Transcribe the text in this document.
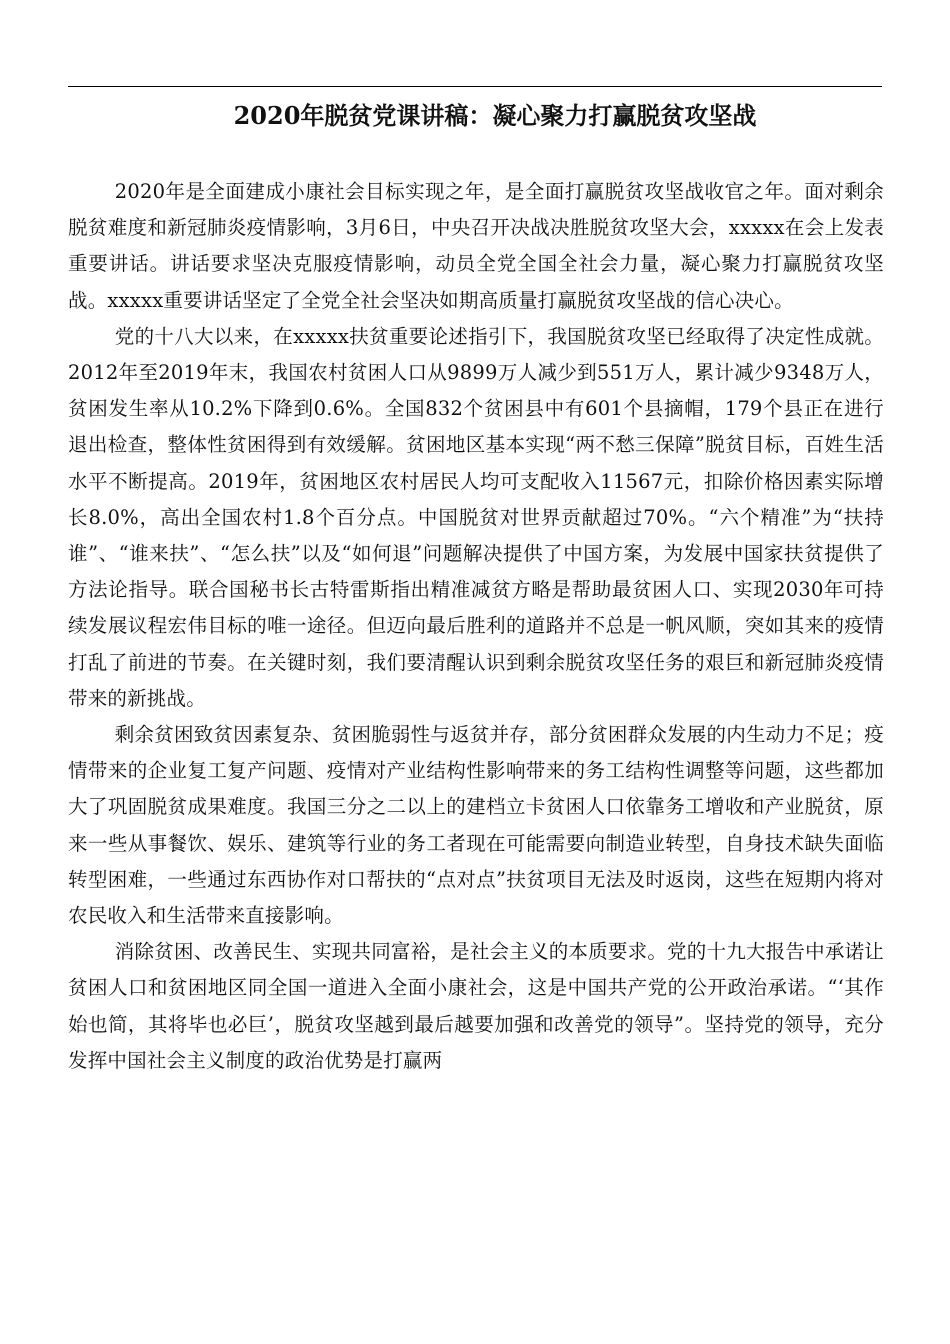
2020年脱贫党课讲稿：凝心聚力打赢脱贫攻坚战

2020年是全面建成小康社会目标实现之年，是全面打赢脱贫攻坚战收官之年。面对剩余脱贫难度和新冠肺炎疫情影响，3月6日，中央召开决战决胜脱贫攻坚大会，xxxxx在会上发表重要讲话。讲话要求坚决克服疫情影响，动员全党全国全社会力量，凝心聚力打赢脱贫攻坚战。xxxxx重要讲话坚定了全党全社会坚决如期高质量打赢脱贫攻坚战的信心决心。

党的十八大以来，在xxxxx扶贫重要论述指引下，我国脱贫攻坚已经取得了决定性成就。2012年至2019年末，我国农村贫困人口从9899万人减少到551万人，累计减少9348万人，贫困发生率从10.2%下降到0.6%。全国832个贫困县中有601个县摘帽，179个县正在进行退出检查，整体性贫困得到有效缓解。贫困地区基本实现“两不愁三保障”脱贫目标，百姓生活水平不断提高。2019年，贫困地区农村居民人均可支配收入11567元，扣除价格因素实际增长8.0%，高出全国农村1.8个百分点。中国脱贫对世界贡献超过70%。“六个精准”为“扶持谁”、“谁来扶”、“怎么扶”以及“如何退”问题解决提供了中国方案，为发展中国家扶贫提供了方法论指导。联合国秘书长古特雷斯指出精准减贫方略是帮助最贫困人口、实现2030年可持续发展议程宏伟目标的唯一途径。但迈向最后胜利的道路并不总是一帆风顺，突如其来的疫情打乱了前进的节奏。在关键时刻，我们要清醒认识到剩余脱贫攻坚任务的艰巨和新冠肺炎疫情带来的新挑战。

剩余贫困致贫因素复杂、贫困脆弱性与返贫并存，部分贫困群众发展的内生动力不足；疫情带来的企业复工复产问题、疫情对产业结构性影响带来的务工结构性调整等问题，这些都加大了巩固脱贫成果难度。我国三分之二以上的建档立卡贫困人口依靠务工增收和产业脱贫，原来一些从事餐饮、娱乐、建筑等行业的务工者现在可能需要向制造业转型，自身技术缺失面临转型困难，一些通过东西协作对口帮扶的“点对点”扶贫项目无法及时返岗，这些在短期内将对农民收入和生活带来直接影响。

消除贫困、改善民生、实现共同富裕，是社会主义的本质要求。党的十九大报告中承诺让贫困人口和贫困地区同全国一道进入全面小康社会，这是中国共产党的公开政治承诺。“‘其作始也简，其将毕也必巨’，脱贫攻坚越到最后越要加强和改善党的领导”。坚持党的领导，充分发挥中国社会主义制度的政治优势是打赢两
